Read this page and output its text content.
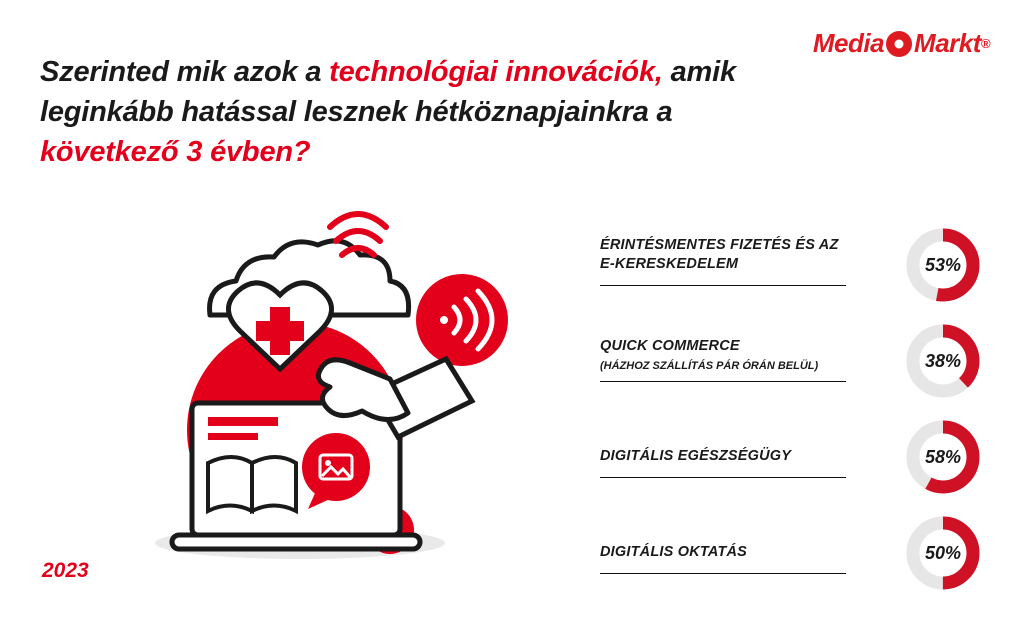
Media Markt ®
Szerinted mik azok a technológiai innovációk, amik leginkább hatással lesznek hétköznapjainkra a következő 3 évben?
2023
ÉRINTÉSMENTES FIZETÉS ÉS AZ E-KERESKEDELEM	53%
QUICK COMMERCE
(HÁZHOZ SZÁLLÍTÁS PÁR ÓRÁN BELÜL)	38%
DIGITÁLIS EGÉSZSÉGÜGY	58%
DIGITÁLIS OKTATÁS	50%
